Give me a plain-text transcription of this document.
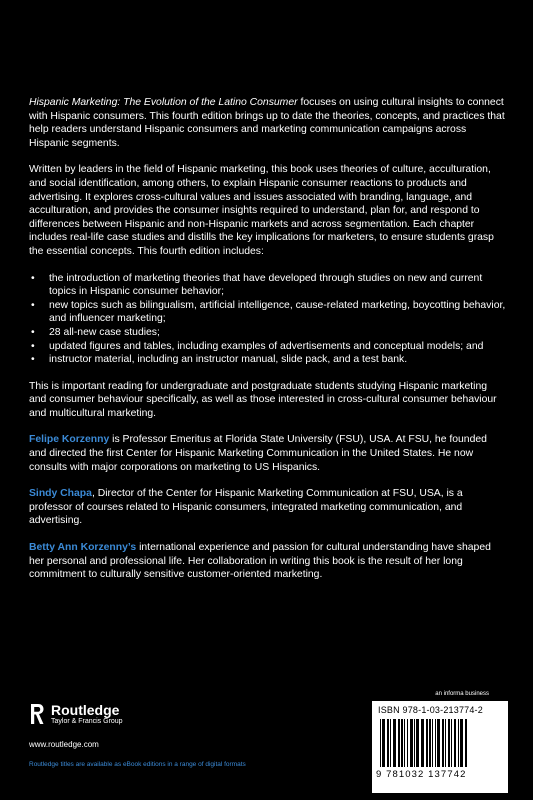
Hispanic Marketing: The Evolution of the Latino Consumer focuses on using cultural insights to connect with Hispanic consumers. This fourth edition brings up to date the theories, concepts, and practices that help readers understand Hispanic consumers and marketing communication campaigns across Hispanic segments.
Written by leaders in the field of Hispanic marketing, this book uses theories of culture, acculturation, and social identification, among others, to explain Hispanic consumer reactions to products and advertising. It explores cross-cultural values and issues associated with branding, language, and acculturation, and provides the consumer insights required to understand, plan for, and respond to differences between Hispanic and non-Hispanic markets and across segmentation. Each chapter includes real-life case studies and distills the key implications for marketers, to ensure students grasp the essential concepts. This fourth edition includes:
• the introduction of marketing theories that have developed through studies on new and current topics in Hispanic consumer behavior;
• new topics such as bilingualism, artificial intelligence, cause-related marketing, boycotting behavior, and influencer marketing;
• 28 all-new case studies;
• updated figures and tables, including examples of advertisements and conceptual models; and
• instructor material, including an instructor manual, slide pack, and a test bank.
This is important reading for undergraduate and postgraduate students studying Hispanic marketing and consumer behaviour specifically, as well as those interested in cross-cultural consumer behaviour and multicultural marketing.
Felipe Korzenny is Professor Emeritus at Florida State University (FSU), USA. At FSU, he founded and directed the first Center for Hispanic Marketing Communication in the United States. He now consults with major corporations on marketing to US Hispanics.
Sindy Chapa, Director of the Center for Hispanic Marketing Communication at FSU, USA, is a professor of courses related to Hispanic consumers, integrated marketing communication, and advertising.
Betty Ann Korzenny’s international experience and passion for cultural understanding have shaped her personal and professional life. Her collaboration in writing this book is the result of her long commitment to culturally sensitive customer-oriented marketing.
Routledge
Taylor & Francis Group
www.routledge.com
Routledge titles are available as eBook editions in a range of digital formats
an informa business
ISBN 978-1-03-213774-2
9 781032 137742
